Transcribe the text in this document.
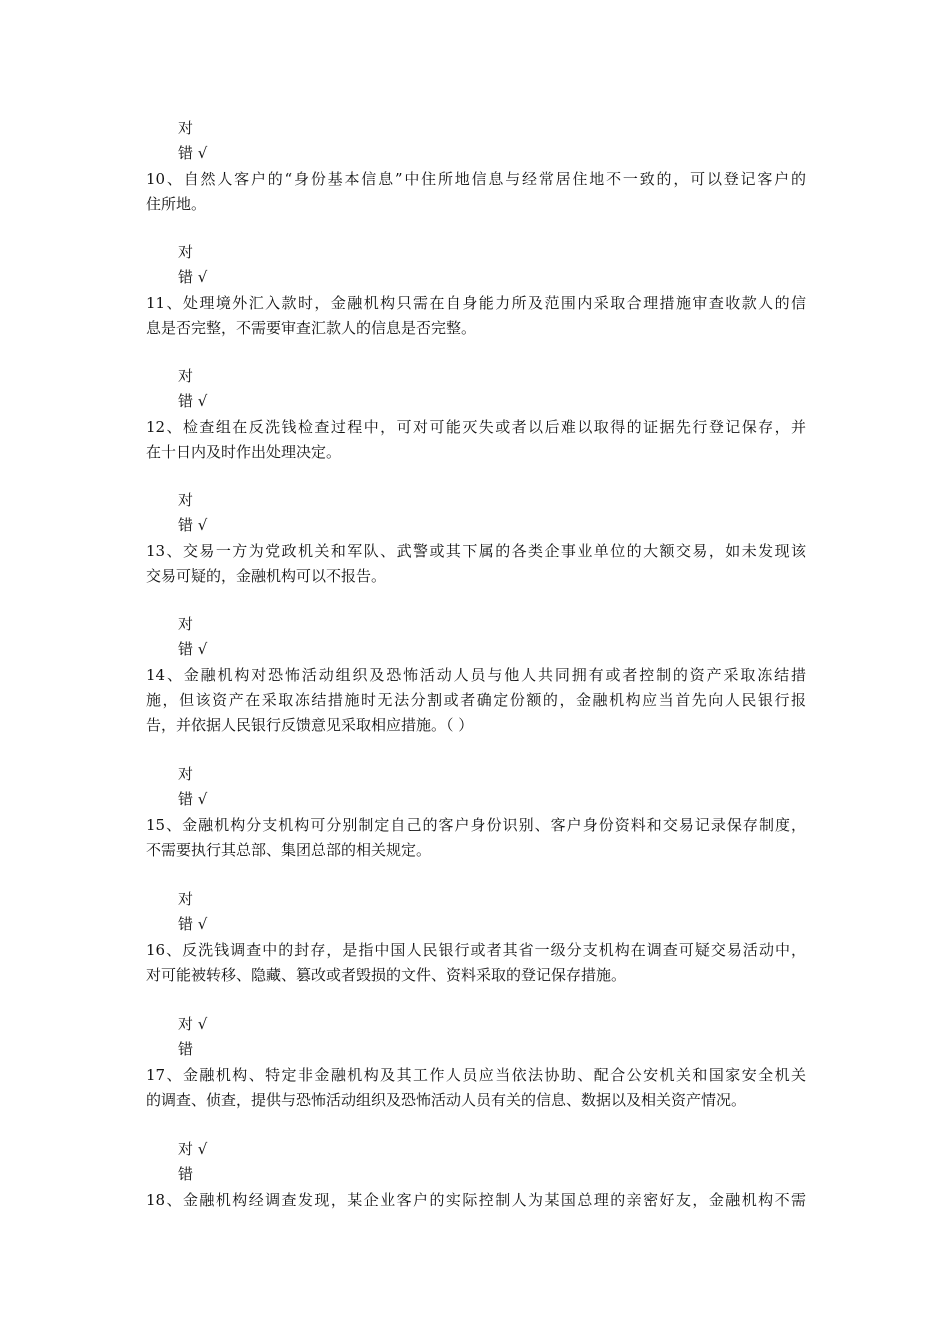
对
错 √
10、自然人客户的“身份基本信息”中住所地信息与经常居住地不一致的，可以登记客户的
住所地。
对
错 √
11、处理境外汇入款时，金融机构只需在自身能力所及范围内采取合理措施审查收款人的信
息是否完整，不需要审查汇款人的信息是否完整。
对
错 √
12、检查组在反洗钱检查过程中，可对可能灭失或者以后难以取得的证据先行登记保存，并
在十日内及时作出处理决定。
对
错 √
13、交易一方为党政机关和军队、武警或其下属的各类企事业单位的大额交易，如未发现该
交易可疑的，金融机构可以不报告。
对
错 √
14、金融机构对恐怖活动组织及恐怖活动人员与他人共同拥有或者控制的资产采取冻结措
施，但该资产在采取冻结措施时无法分割或者确定份额的，金融机构应当首先向人民银行报
告，并依据人民银行反馈意见采取相应措施。（ ）
对
错 √
15、金融机构分支机构可分别制定自己的客户身份识别、客户身份资料和交易记录保存制度，
不需要执行其总部、集团总部的相关规定。
对
错 √
16、反洗钱调查中的封存，是指中国人民银行或者其省一级分支机构在调查可疑交易活动中，
对可能被转移、隐藏、篡改或者毁损的文件、资料采取的登记保存措施。
对 √
错
17、金融机构、特定非金融机构及其工作人员应当依法协助、配合公安机关和国家安全机关
的调查、侦查，提供与恐怖活动组织及恐怖活动人员有关的信息、数据以及相关资产情况。
对 √
错
18、金融机构经调查发现，某企业客户的实际控制人为某国总理的亲密好友，金融机构不需
